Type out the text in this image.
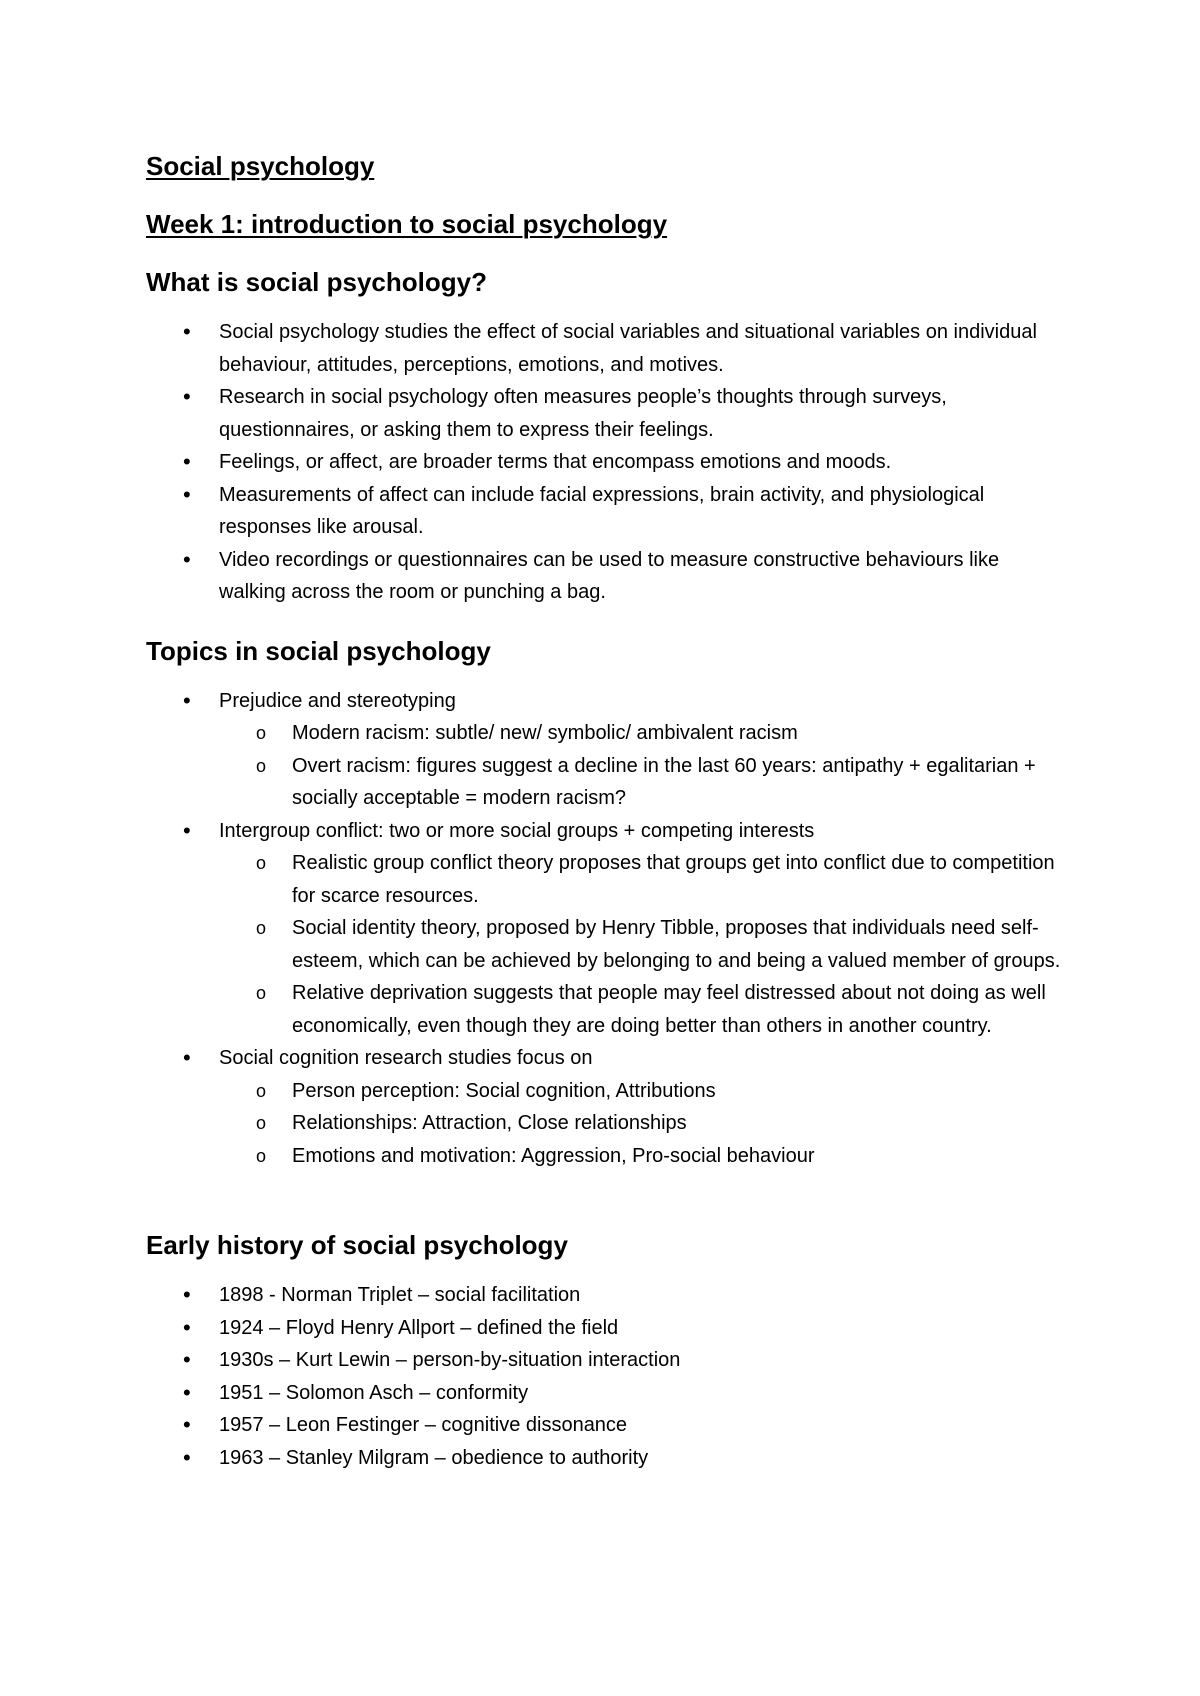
Social psychology
Week 1: introduction to social psychology
What is social psychology?
• Social psychology studies the effect of social variables and situational variables on individual behaviour, attitudes, perceptions, emotions, and motives.
• Research in social psychology often measures people’s thoughts through surveys, questionnaires, or asking them to express their feelings.
• Feelings, or affect, are broader terms that encompass emotions and moods.
• Measurements of affect can include facial expressions, brain activity, and physiological responses like arousal.
• Video recordings or questionnaires can be used to measure constructive behaviours like walking across the room or punching a bag.
Topics in social psychology
• Prejudice and stereotyping
o Modern racism: subtle/ new/ symbolic/ ambivalent racism
o Overt racism: figures suggest a decline in the last 60 years: antipathy + egalitarian + socially acceptable = modern racism?
• Intergroup conflict: two or more social groups + competing interests
o Realistic group conflict theory proposes that groups get into conflict due to competition for scarce resources.
o Social identity theory, proposed by Henry Tibble, proposes that individuals need self-esteem, which can be achieved by belonging to and being a valued member of groups.
o Relative deprivation suggests that people may feel distressed about not doing as well economically, even though they are doing better than others in another country.
• Social cognition research studies focus on
o Person perception: Social cognition, Attributions
o Relationships: Attraction, Close relationships
o Emotions and motivation: Aggression, Pro-social behaviour
Early history of social psychology
• 1898 - Norman Triplet – social facilitation
• 1924 – Floyd Henry Allport – defined the field
• 1930s – Kurt Lewin – person-by-situation interaction
• 1951 – Solomon Asch – conformity
• 1957 – Leon Festinger – cognitive dissonance
• 1963 – Stanley Milgram – obedience to authority
